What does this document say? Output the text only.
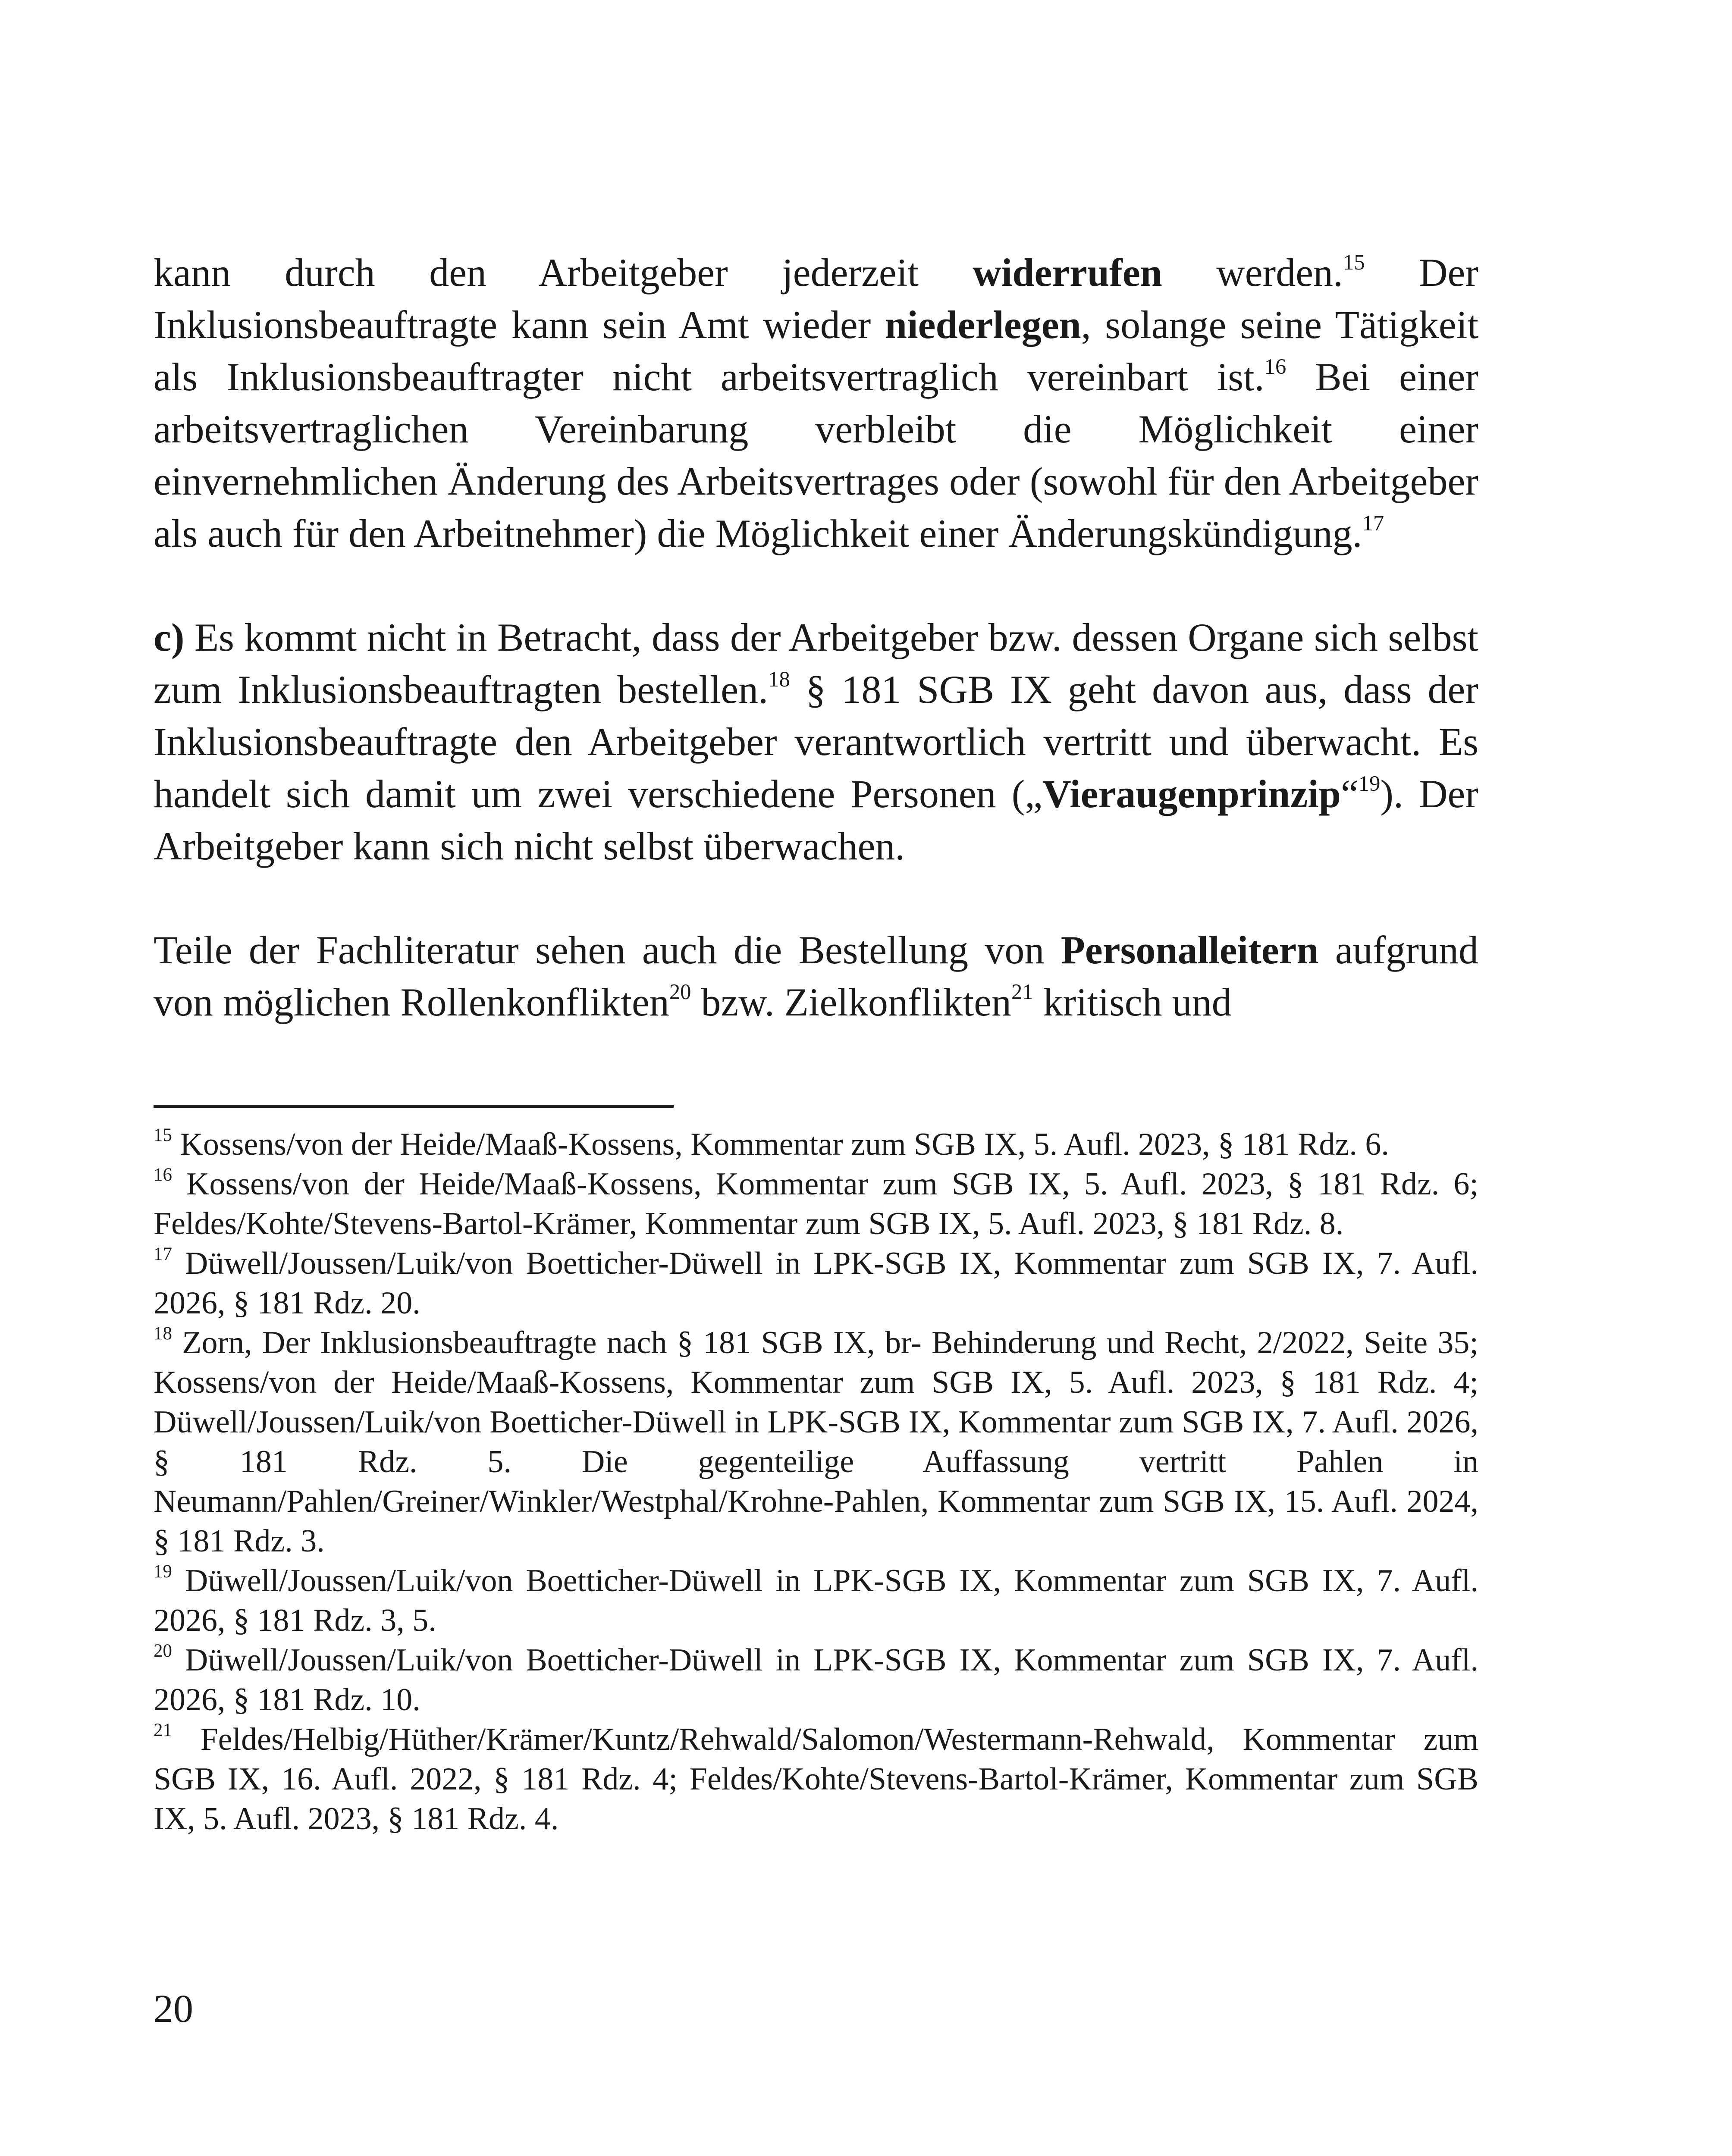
kann durch den Arbeitgeber jederzeit widerrufen werden.$^{15}$ Der Inklusionsbeauftragte kann sein Amt wieder niederlegen, solange seine Tätigkeit als Inklusionsbeauftragter nicht arbeitsvertraglich vereinbart ist.$^{16}$ Bei einer arbeitsvertraglichen Vereinbarung verbleibt die Möglichkeit einer einvernehmlichen Änderung des Arbeitsvertrages oder (sowohl für den Arbeitgeber als auch für den Arbeitnehmer) die Möglichkeit einer Änderungskündigung.$^{17}$

c) Es kommt nicht in Betracht, dass der Arbeitgeber bzw. dessen Organe sich selbst zum Inklusionsbeauftragten bestellen.$^{18}$ § 181 SGB IX geht davon aus, dass der Inklusionsbeauftragte den Arbeitgeber verantwortlich vertritt und überwacht. Es handelt sich damit um zwei verschiedene Personen („Vieraugenprinzip“$^{19}$). Der Arbeitgeber kann sich nicht selbst überwachen.

Teile der Fachliteratur sehen auch die Bestellung von Personalleitern aufgrund von möglichen Rollenkonflikten$^{20}$ bzw. Zielkonflikten$^{21}$ kritisch und

$^{15}$ Kossens/von der Heide/Maaß-Kossens, Kommentar zum SGB IX, 5. Aufl. 2023, § 181 Rdz. 6.

$^{16}$ Kossens/von der Heide/Maaß-Kossens, Kommentar zum SGB IX, 5. Aufl. 2023, § 181 Rdz. 6; Feldes/Kohte/Stevens-Bartol-Krämer, Kommentar zum SGB IX, 5. Aufl. 2023, § 181 Rdz. 8.

$^{17}$ Düwell/Joussen/Luik/von Boetticher-Düwell in LPK-SGB IX, Kommentar zum SGB IX, 7. Aufl. 2026, § 181 Rdz. 20.

$^{18}$ Zorn, Der Inklusionsbeauftragte nach § 181 SGB IX, br- Behinderung und Recht, 2/2022, Seite 35; Kossens/von der Heide/Maaß-Kossens, Kommentar zum SGB IX, 5. Aufl. 2023, § 181 Rdz. 4; Düwell/Joussen/Luik/von Boetticher-Düwell in LPK-SGB IX, Kommentar zum SGB IX, 7. Aufl. 2026, § 181 Rdz. 5. Die gegenteilige Auffassung vertritt Pahlen in Neumann/Pahlen/Greiner/Winkler/Westphal/Krohne-Pahlen, Kommentar zum SGB IX, 15. Aufl. 2024, § 181 Rdz. 3.

$^{19}$ Düwell/Joussen/Luik/von Boetticher-Düwell in LPK-SGB IX, Kommentar zum SGB IX, 7. Aufl. 2026, § 181 Rdz. 3, 5.

$^{20}$ Düwell/Joussen/Luik/von Boetticher-Düwell in LPK-SGB IX, Kommentar zum SGB IX, 7. Aufl. 2026, § 181 Rdz. 10.

$^{21}$ Feldes/Helbig/Hüther/Krämer/Kuntz/Rehwald/Salomon/Westermann-Rehwald, Kommentar zum SGB IX, 16. Aufl. 2022, § 181 Rdz. 4; Feldes/Kohte/Stevens-Bartol-Krämer, Kommentar zum SGB IX, 5. Aufl. 2023, § 181 Rdz. 4.

20
